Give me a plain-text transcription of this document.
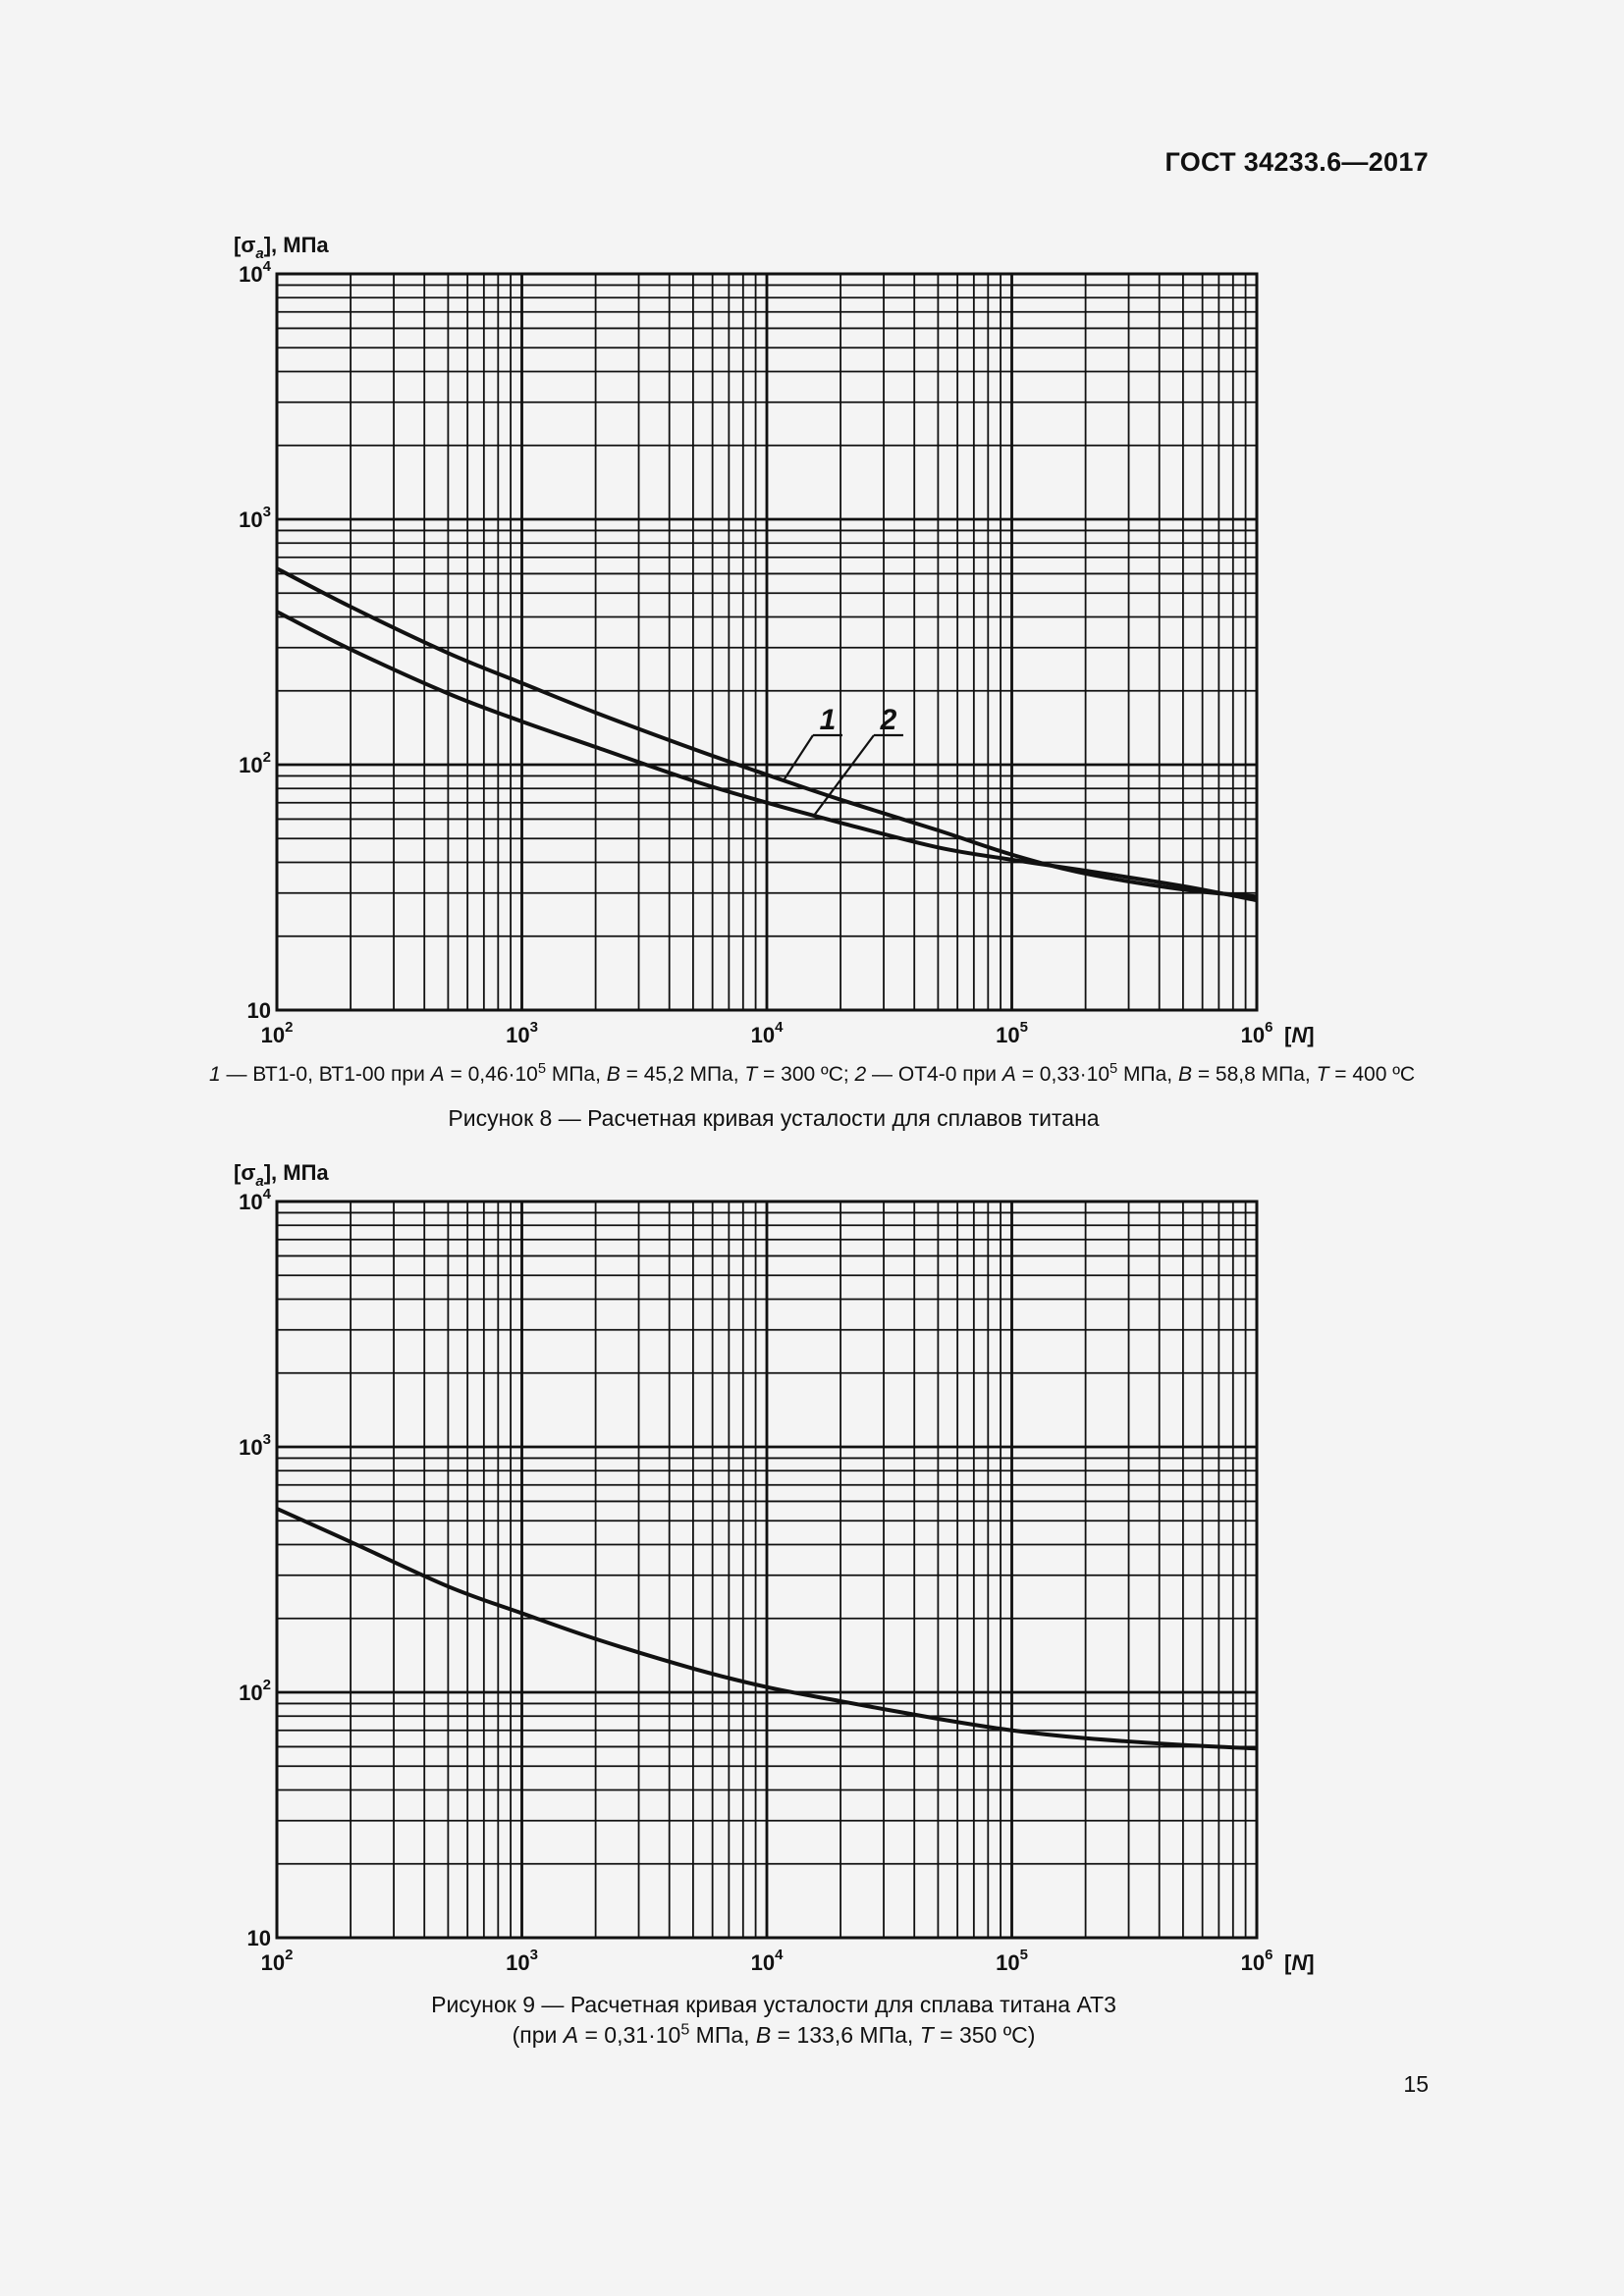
ГОСТ 34233.6—2017
$10^2$	$10^3$	$10^4$	$10^5$	$10^6$ [N]
10
$10^2$
$10^3$
$10^4$
$[\sigma_a]$, МПа
1 2
1 — ВТ1-0, ВТ1-00 при $A = 0,46\cdot 10^5$ МПа, B = 45,2 МПа, T = 300 ºС; 2 — ОТ4-0 при $A = 0,33\cdot 10^5$ МПа, B = 58,8 МПа, T = 400 ºС
Рисунок 8 — Расчетная кривая усталости для сплавов титана
$10^2$	$10^3$	$10^4$	$10^5$	$10^6$ [N]
10
$10^2$
$10^3$
$10^4$
$[\sigma_a]$, МПа
Рисунок 9 — Расчетная кривая усталости для сплава титана АТ3
(при $A = 0,31\cdot 10^5$ МПа, B = 133,6 МПа, T = 350 ºС)
15
